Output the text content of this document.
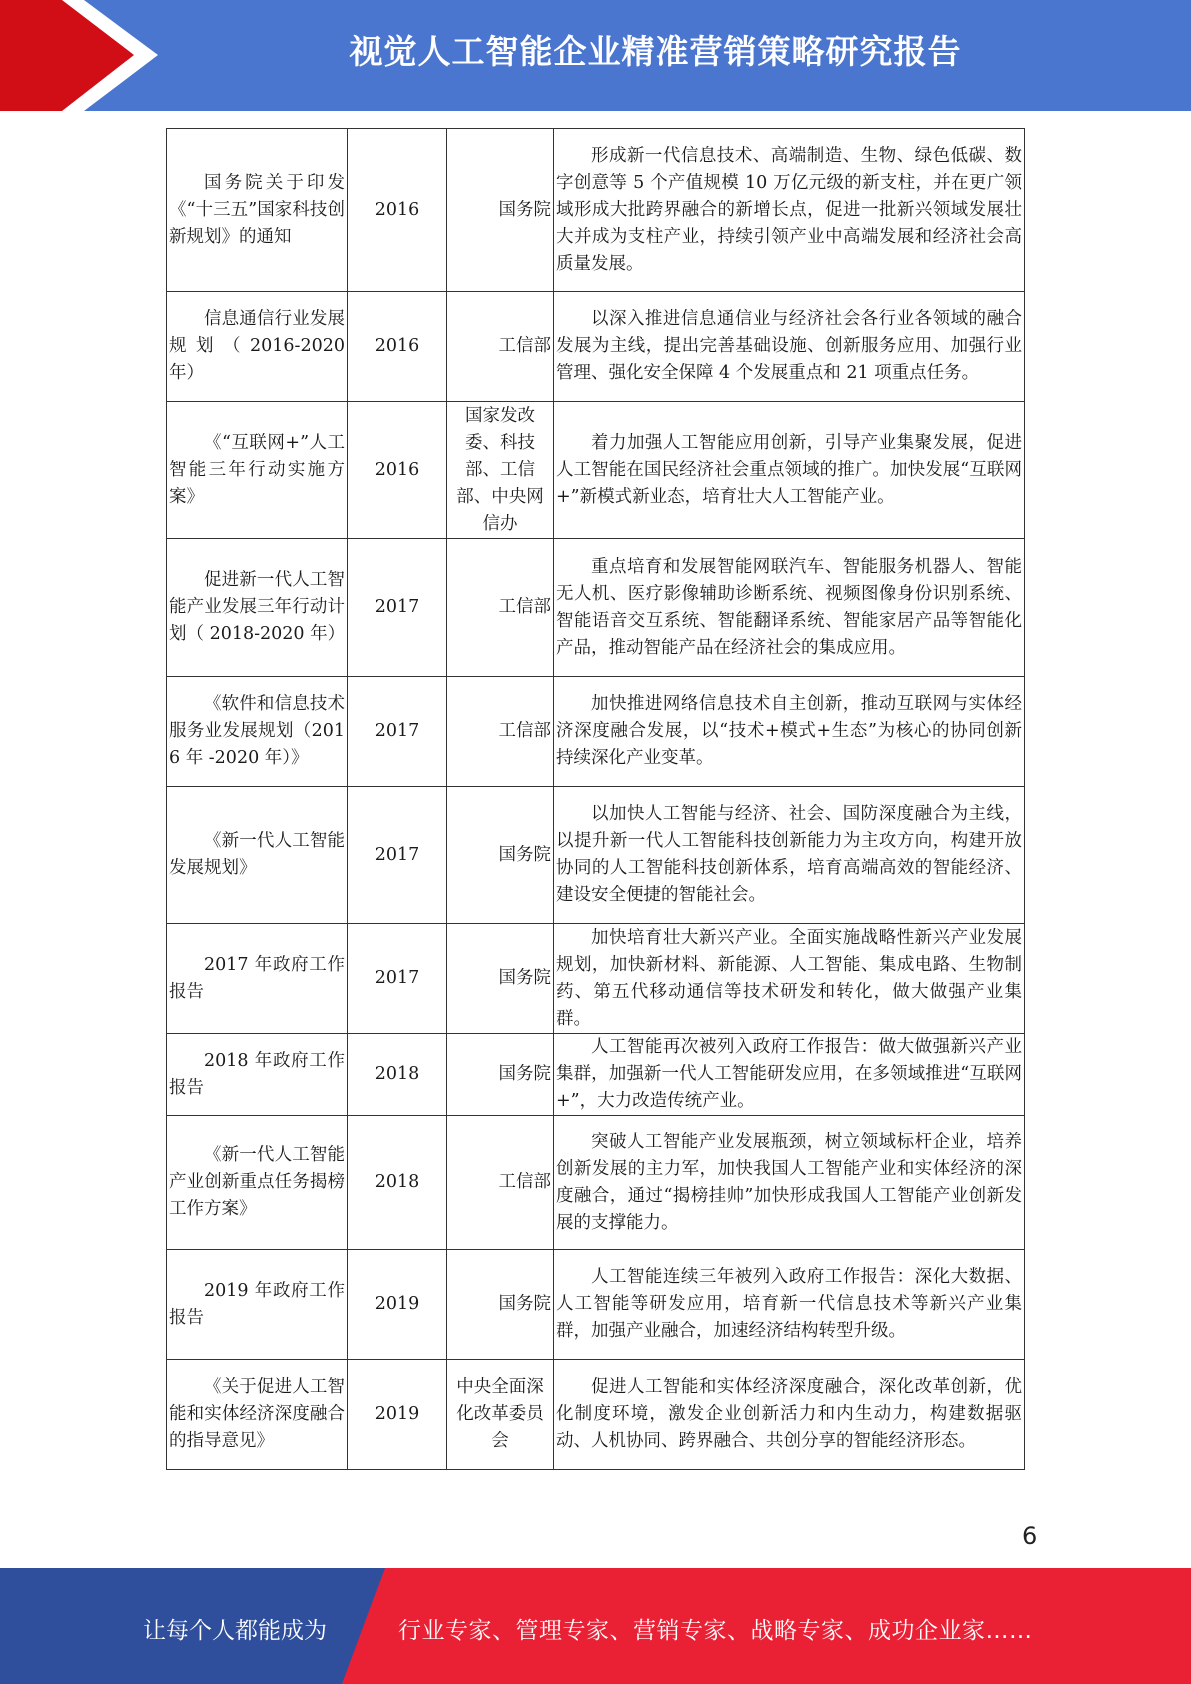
视觉人工智能企业精准营销策略研究报告
国务院关于印发《“十三五”国家科技创新规划》的通知	2016	国务院	形成新一代信息技术、高端制造、生物、绿色低碳、数字创意等 5 个产值规模 10 万亿元级的新支柱，并在更广领域形成大批跨界融合的新增长点，促进一批新兴领域发展壮大并成为支柱产业，持续引领产业中高端发展和经济社会高质量发展。
信息通信行业发展规划（2016-2020 年）	2016	工信部	以深入推进信息通信业与经济社会各行业各领域的融合发展为主线，提出完善基础设施、创新服务应用、加强行业管理、强化安全保障 4 个发展重点和 21 项重点任务。
《“互联网+”人工智能三年行动实施方案》	2016	国家发改委、科技部、工信部、中央网信办	着力加强人工智能应用创新，引导产业集聚发展，促进人工智能在国民经济社会重点领域的推广。加快发展“互联网+”新模式新业态，培育壮大人工智能产业。
促进新一代人工智能产业发展三年行动计划（ 2018-2020 年）	2017	工信部	重点培育和发展智能网联汽车、智能服务机器人、智能无人机、医疗影像辅助诊断系统、视频图像身份识别系统、智能语音交互系统、智能翻译系统、智能家居产品等智能化产品，推动智能产品在经济社会的集成应用。
《软件和信息技术服务业发展规划（2016 年 -2020 年）》	2017	工信部	加快推进网络信息技术自主创新，推动互联网与实体经济深度融合发展，以“技术+模式+生态”为核心的协同创新持续深化产业变革。
《新一代人工智能发展规划》	2017	国务院	以加快人工智能与经济、社会、国防深度融合为主线，以提升新一代人工智能科技创新能力为主攻方向，构建开放协同的人工智能科技创新体系，培育高端高效的智能经济、建设安全便捷的智能社会。
2017 年政府工作报告	2017	国务院	加快培育壮大新兴产业。全面实施战略性新兴产业发展规划，加快新材料、新能源、人工智能、集成电路、生物制药、第五代移动通信等技术研发和转化，做大做强产业集群。
2018 年政府工作报告	2018	国务院	人工智能再次被列入政府工作报告：做大做强新兴产业集群，加强新一代人工智能研发应用，在多领域推进“互联网+”，大力改造传统产业。
《新一代人工智能产业创新重点任务揭榜工作方案》	2018	工信部	突破人工智能产业发展瓶颈，树立领域标杆企业，培养创新发展的主力军，加快我国人工智能产业和实体经济的深度融合，通过“揭榜挂帅”加快形成我国人工智能产业创新发展的支撑能力。
2019 年政府工作报告	2019	国务院	人工智能连续三年被列入政府工作报告：深化大数据、人工智能等研发应用，培育新一代信息技术等新兴产业集群，加强产业融合，加速经济结构转型升级。
《关于促进人工智能和实体经济深度融合的指导意见》	2019	中央全面深化改革委员会	促进人工智能和实体经济深度融合，深化改革创新，优化制度环境，激发企业创新活力和内生动力，构建数据驱动、人机协同、跨界融合、共创分享的智能经济形态。
6
让每个人都能成为	行业专家、管理专家、营销专家、战略专家、成功企业家……
